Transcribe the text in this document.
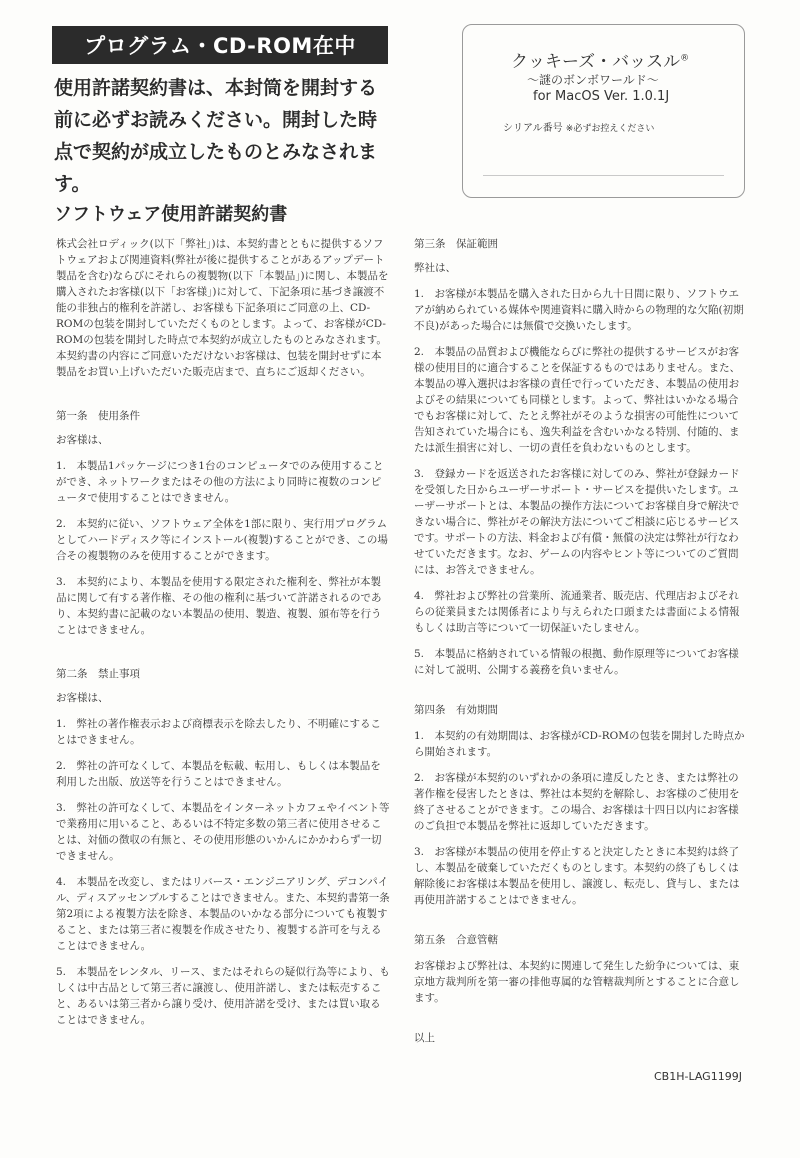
プログラム・CD-ROM在中
使用許諾契約書は、本封筒を開封する前に必ずお読みください。開封した時点で契約が成立したものとみなされます。
クッキーズ・バッスル®
～謎のボンボワールド～
for MacOS Ver. 1.0.1J
シリアル番号 ※必ずお控えください
ソフトウェア使用許諾契約書

株式会社ロディック(以下「弊社」)は、本契約書とともに提供するソフトウェアおよび関連資料(弊社が後に提供することがあるアップデート製品を含む)ならびにそれらの複製物(以下「本製品」)に関し、本製品を購入されたお客様(以下「お客様」)に対して、下記条項に基づき譲渡不能の非独占的権利を許諾し、お客様も下記条項にご同意の上、CD-ROMの包装を開封していただくものとします。よって、お客様がCD-ROMの包装を開封した時点で本契約が成立したものとみなされます。本契約書の内容にご同意いただけないお客様は、包装を開封せずに本製品をお買い上げいただいた販売店まで、直ちにご返却ください。

第一条　使用条件

お客様は、

1.　本製品1パッケージにつき1台のコンピュータでのみ使用することができ、ネットワークまたはその他の方法により同時に複数のコンピュータで使用することはできません。

2.　本契約に従い、ソフトウェア全体を1部に限り、実行用プログラムとしてハードディスク等にインストール(複製)することができ、この場合その複製物のみを使用することができます。

3.　本契約により、本製品を使用する限定された権利を、弊社が本製品に関して有する著作権、その他の権利に基づいて許諾されるのであり、本契約書に記載のない本製品の使用、製造、複製、頒布等を行うことはできません。

第二条　禁止事項

お客様は、

1.　弊社の著作権表示および商標表示を除去したり、不明確にすることはできません。

2.　弊社の許可なくして、本製品を転載、転用し、もしくは本製品を利用した出版、放送等を行うことはできません。

3.　弊社の許可なくして、本製品をインターネットカフェやイベント等で業務用に用いること、あるいは不特定多数の第三者に使用させることは、対価の徴収の有無と、その使用形態のいかんにかかわらず一切できません。

4.　本製品を改変し、またはリバース・エンジニアリング、デコンパイル、ディスアッセンブルすることはできません。また、本契約書第一条第2項による複製方法を除き、本製品のいかなる部分についても複製すること、または第三者に複製を作成させたり、複製する許可を与えることはできません。

5.　本製品をレンタル、リース、またはそれらの疑似行為等により、もしくは中古品として第三者に譲渡し、使用許諾し、または転売すること、あるいは第三者から譲り受け、使用許諾を受け、または買い取ることはできません。

第三条　保証範囲

弊社は、

1.　お客様が本製品を購入された日から九十日間に限り、ソフトウエアが納められている媒体や関連資料に購入時からの物理的な欠陥(初期不良)があった場合には無償で交換いたします。

2.　本製品の品質および機能ならびに弊社の提供するサービスがお客様の使用目的に適合することを保証するものではありません。また、本製品の導入選択はお客様の責任で行っていただき、本製品の使用およびその結果についても同様とします。よって、弊社はいかなる場合でもお客様に対して、たとえ弊社がそのような損害の可能性について告知されていた場合にも、逸失利益を含むいかなる特別、付随的、または派生損害に対し、一切の責任を負わないものとします。

3.　登録カードを返送されたお客様に対してのみ、弊社が登録カードを受領した日からユーザーサポート・サービスを提供いたします。ユーザーサポートとは、本製品の操作方法についてお客様自身で解決できない場合に、弊社がその解決方法についてご相談に応じるサービスです。サポートの方法、料金および有償・無償の決定は弊社が行なわせていただきます。なお、ゲームの内容やヒント等についてのご質問には、お答えできません。

4.　弊社および弊社の営業所、流通業者、販売店、代理店およびそれらの従業員または関係者により与えられた口頭または書面による情報もしくは助言等について一切保証いたしません。

5.　本製品に格納されている情報の根拠、動作原理等についてお客様に対して説明、公開する義務を負いません。

第四条　有効期間

1.　本契約の有効期間は、お客様がCD-ROMの包装を開封した時点から開始されます。

2.　お客様が本契約のいずれかの条項に違反したとき、または弊社の著作権を侵害したときは、弊社は本契約を解除し、お客様のご使用を終了させることができます。この場合、お客様は十四日以内にお客様のご負担で本製品を弊社に返却していただきます。

3.　お客様が本製品の使用を停止すると決定したときに本契約は終了し、本製品を破棄していただくものとします。本契約の終了もしくは解除後にお客様は本製品を使用し、譲渡し、転売し、貸与し、または再使用許諾することはできません。

第五条　合意管轄

お客様および弊社は、本契約に関連して発生した紛争については、東京地方裁判所を第一審の排他専属的な管轄裁判所とすることに合意します。

以上

CB1H-LAG1199J
